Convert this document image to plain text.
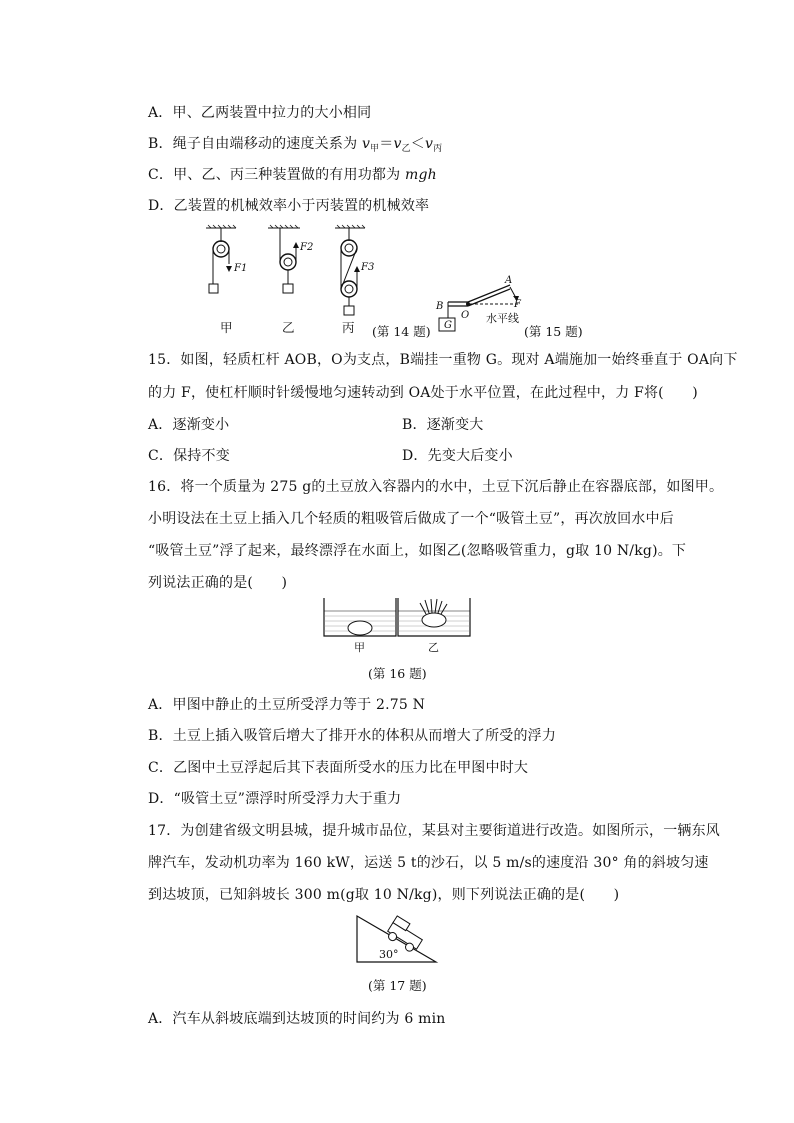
A．甲、乙两装置中拉力的大小相同
B．绳子自由端移动的速度关系为 $v_甲=v_乙<v_丙$
C．甲、乙、丙三种装置做的有用功都为 mgh
D．乙装置的机械效率小于丙装置的机械效率
F1
F2
F3
A
B
O
G
F
水平线
甲	乙
30°
甲	乙	丙 (第 14 题)	(第 15 题)
15．如图，轻质杠杆 AOB，O为支点，B端挂一重物 G。现对 A端施加一始终垂直于 OA向下
的力 F，使杠杆顺时针缓慢地匀速转动到 OA处于水平位置，在此过程中，力 F将(　　)
A．逐渐变小	B．逐渐变大
C．保持不变	D．先变大后变小
16．将一个质量为 275 g的土豆放入容器内的水中，土豆下沉后静止在容器底部，如图甲。
小明设法在土豆上插入几个轻质的粗吸管后做成了一个“吸管土豆”，再次放回水中后
“吸管土豆”浮了起来，最终漂浮在水面上，如图乙(忽略吸管重力，g取 10 N/kg)。下
列说法正确的是(　　)
(第 16 题)
A．甲图中静止的土豆所受浮力等于 2.75 N
B．土豆上插入吸管后增大了排开水的体积从而增大了所受的浮力
C．乙图中土豆浮起后其下表面所受水的压力比在甲图中时大
D．“吸管土豆”漂浮时所受浮力大于重力
17．为创建省级文明县城，提升城市品位，某县对主要街道进行改造。如图所示，一辆东风
牌汽车，发动机功率为 160 kW，运送 5 t的沙石，以 5 m/s的速度沿 30° 角的斜坡匀速
到达坡顶，已知斜坡长 300 m(g取 10 N/kg)，则下列说法正确的是(　　)
(第 17 题)
A．汽车从斜坡底端到达坡顶的时间约为 6 min
